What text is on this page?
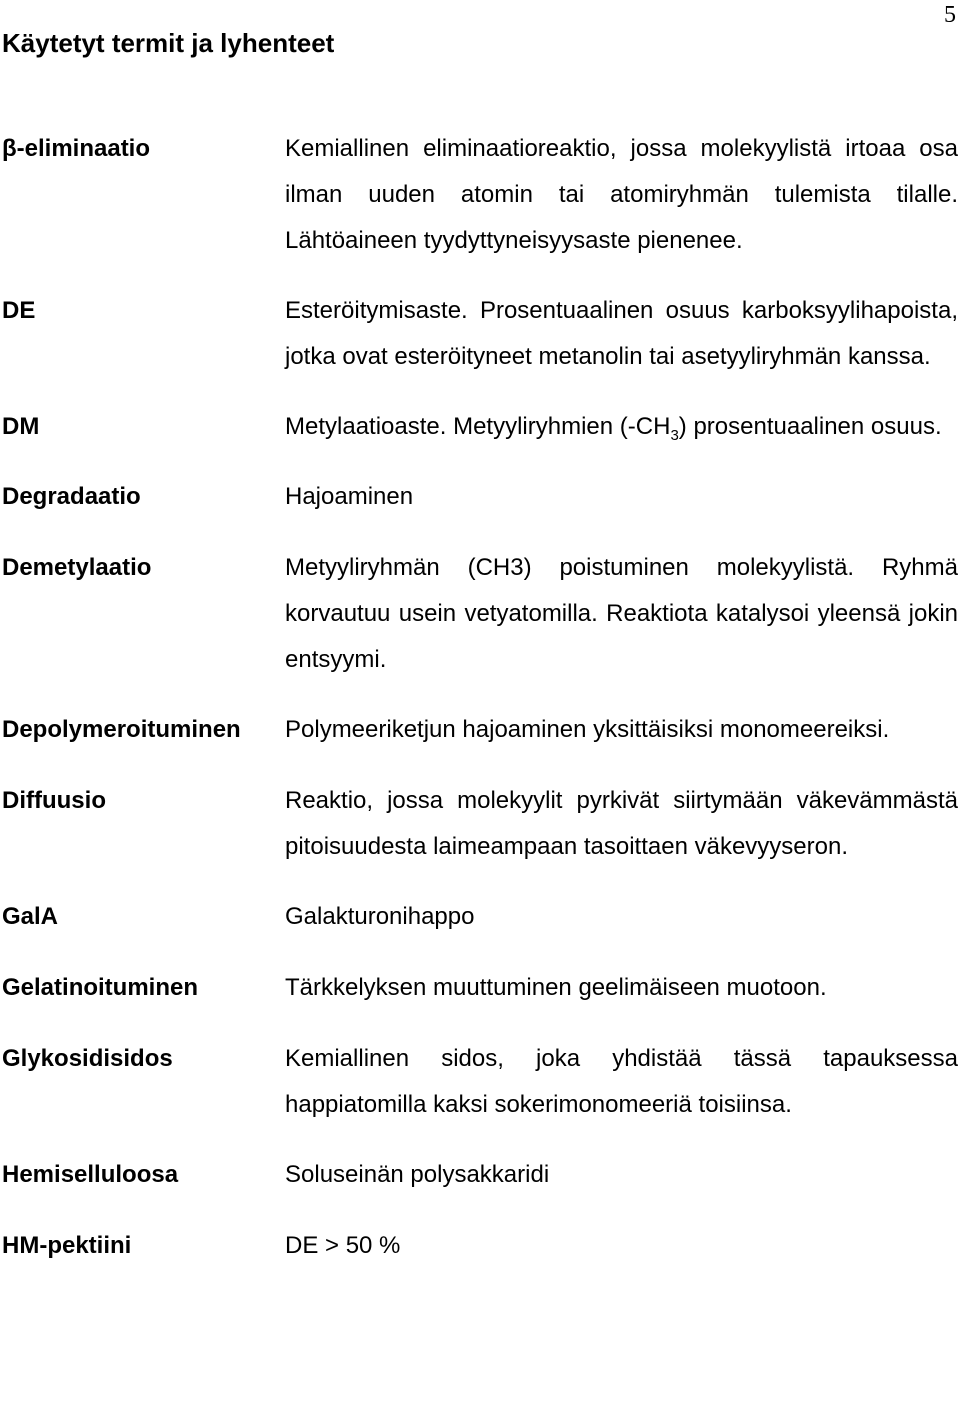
5
Käytetyt termit ja lyhenteet
β-eliminaatio	Kemiallinen eliminaatioreaktio, jossa molekyylistä irtoaa osa ilman uuden atomin tai atomiryhmän tulemista tilalle. Lähtöaineen tyydyttyneisyysaste pienenee.
DE	Esteröitymisaste. Prosentuaalinen osuus karboksyylihapoista, jotka ovat esteröityneet metanolin tai asetyyliryhmän kanssa.
DM	Metylaatioaste. Metyyliryhmien $(-CH_3)$ prosentuaalinen osuus.
Degradaatio	Hajoaminen
Demetylaatio	Metyyliryhmän (CH3) poistuminen molekyylistä. Ryhmä korvautuu usein vetyatomilla. Reaktiota katalysoi yleensä jokin entsyymi.
Depolymeroituminen Polymeeriketjun hajoaminen yksittäisiksi monomeereiksi.
Diffuusio	Reaktio, jossa molekyylit pyrkivät siirtymään väkevämmästä pitoisuudesta laimeampaan tasoittaen väkevyyseron.
GalA	Galakturonihappo
Gelatinoituminen	Tärkkelyksen muuttuminen geelimäiseen muotoon.
Glykosidisidos	Kemiallinen sidos, joka yhdistää tässä tapauksessa happiatomilla kaksi sokerimonomeeriä toisiinsa.
Hemiselluloosa	Soluseinän polysakkaridi
HM-pektiini	DE > 50 %
